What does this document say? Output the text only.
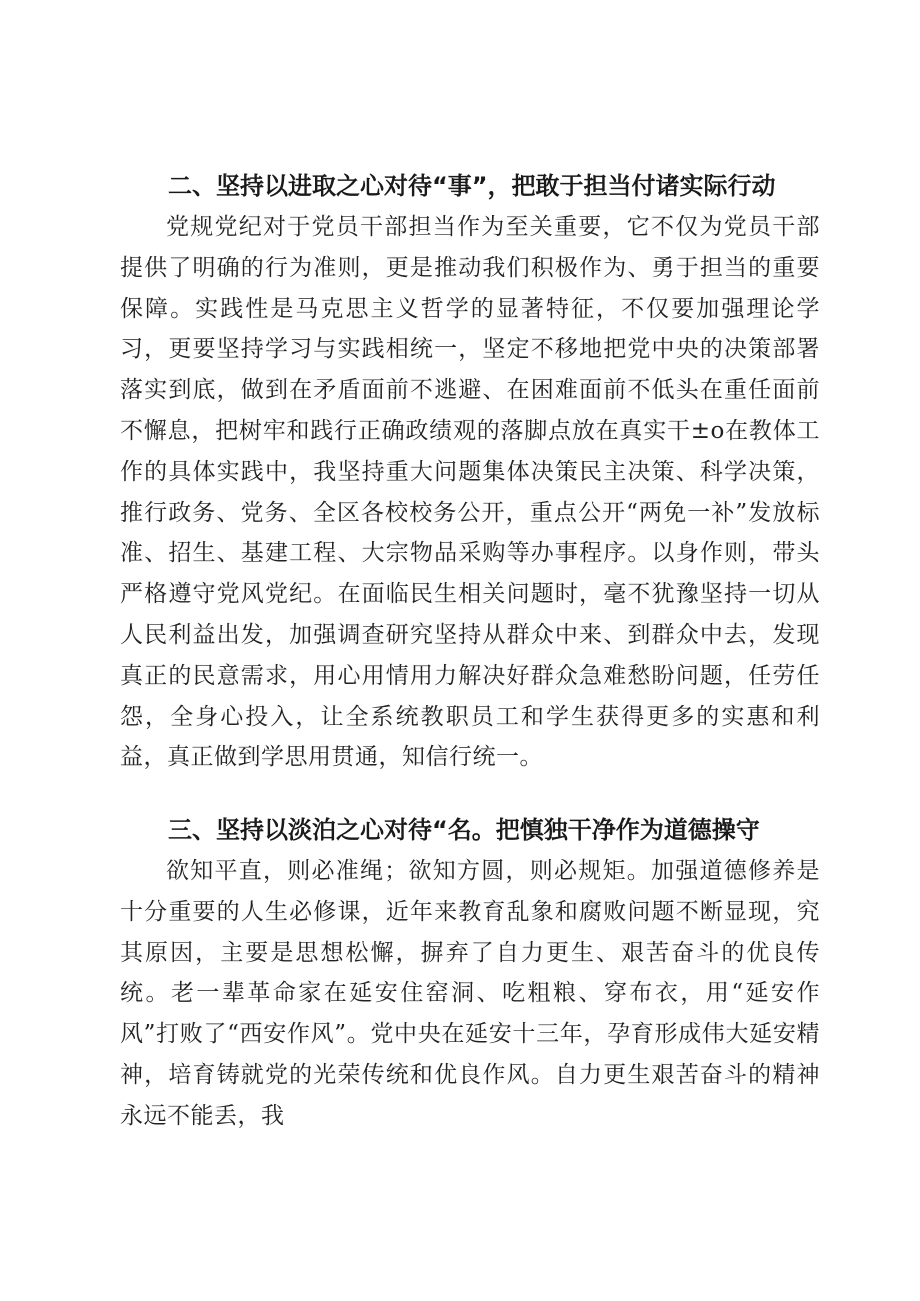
二、坚持以进取之心对待“事”，把敢于担当付诸实际行动

党规党纪对于党员干部担当作为至关重要，它不仅为党员干部提供了明确的行为准则，更是推动我们积极作为、勇于担当的重要保障。实践性是马克思主义哲学的显著特征，不仅要加强理论学习，更要坚持学习与实践相统一，坚定不移地把党中央的决策部署落实到底，做到在矛盾面前不逃避、在困难面前不低头在重任面前不懈息，把树牢和践行正确政绩观的落脚点放在真实干±o在教体工作的具体实践中，我坚持重大问题集体决策民主决策、科学决策，推行政务、党务、全区各校校务公开，重点公开“两免一补”发放标准、招生、基建工程、大宗物品采购等办事程序。以身作则，带头严格遵守党风党纪。在面临民生相关问题时，毫不犹豫坚持一切从人民利益出发，加强调查研究坚持从群众中来、到群众中去，发现真正的民意需求，用心用情用力解决好群众急难愁盼问题，任劳任怨，全身心投入，让全系统教职员工和学生获得更多的实惠和利益，真正做到学思用贯通，知信行统一。

三、坚持以淡泊之心对待“名。把慎独干净作为道德操守

欲知平直，则必准绳；欲知方圆，则必规矩。加强道德修养是十分重要的人生必修课，近年来教育乱象和腐败问题不断显现，究其原因，主要是思想松懈，摒弃了自力更生、艰苦奋斗的优良传统。老一辈革命家在延安住窑洞、吃粗粮、穿布衣，用“延安作风”打败了“西安作风”。党中央在延安十三年，孕育形成伟大延安精神，培育铸就党的光荣传统和优良作风。自力更生艰苦奋斗的精神永远不能丢，我
